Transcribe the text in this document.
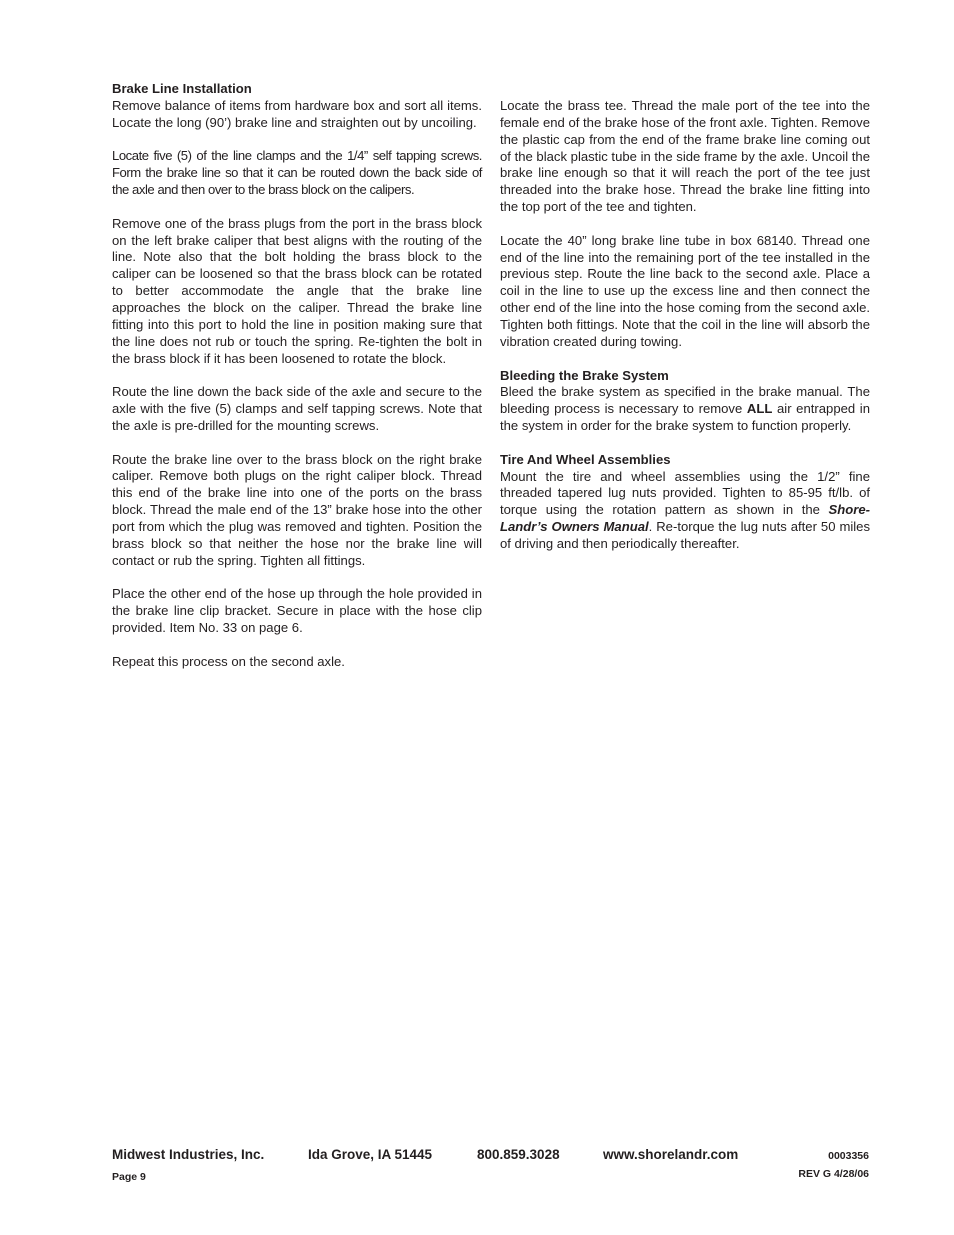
Brake Line Installation

Remove balance of items from hardware box and sort all items. Locate the long (90’) brake line and straighten out by uncoiling.

Locate five (5) of the line clamps and the 1/4” self tapping screws. Form the brake line so that it can be routed down the back side of the axle and then over to the brass block on the calipers.

Remove one of the brass plugs from the port in the brass block on the left brake caliper that best aligns with the routing of the line. Note also that the bolt holding the brass block to the caliper can be loosened so that the brass block can be rotated to better accommodate the angle that the brake line approaches the block on the caliper. Thread the brake line fitting into this port to hold the line in position making sure that the line does not rub or touch the spring. Re-tighten the bolt in the brass block if it has been loosened to rotate the block.

Route the line down the back side of the axle and secure to the axle with the five (5) clamps and self tapping screws. Note that the axle is pre-drilled for the mounting screws.

Route the brake line over to the brass block on the right brake caliper. Remove both plugs on the right caliper block. Thread this end of the brake line into one of the ports on the brass block. Thread the male end of the 13” brake hose into the other port from which the plug was removed and tighten. Position the brass block so that neither the hose nor the brake line will contact or rub the spring. Tighten all fittings.

Place the other end of the hose up through the hole provided in the brake line clip bracket. Secure in place with the hose clip provided. Item No. 33 on page 6.

Repeat this process on the second axle.

Locate the brass tee. Thread the male port of the tee into the female end of the brake hose of the front axle. Tighten. Remove the plastic cap from the end of the frame brake line coming out of the black plastic tube in the side frame by the axle. Uncoil the brake line enough so that it will reach the port of the tee just threaded into the brake hose. Thread the brake line fitting into the top port of the tee and tighten.

Locate the 40” long brake line tube in box 68140. Thread one end of the line into the remaining port of the tee installed in the previous step. Route the line back to the second axle. Place a coil in the line to use up the excess line and then connect the other end of the line into the hose coming from the second axle. Tighten both fittings. Note that the coil in the line will absorb the vibration created during towing.

Bleeding the Brake System

Bleed the brake system as specified in the brake manual. The bleeding process is necessary to remove ALL air entrapped in the system in order for the brake system to function properly.

Tire And Wheel Assemblies

Mount the tire and wheel assemblies using the 1/2” fine threaded tapered lug nuts provided. Tighten to 85-95 ft/lb. of torque using the rotation pattern as shown in the Shore-Landr’s Owners Manual. Re-torque the lug nuts after 50 miles of driving and then periodically thereafter.

Midwest Industries, Inc.	Ida Grove, IA 51445	800.859.3028	www.shorelandr.com	0003356
Page 9	REV G 4/28/06
